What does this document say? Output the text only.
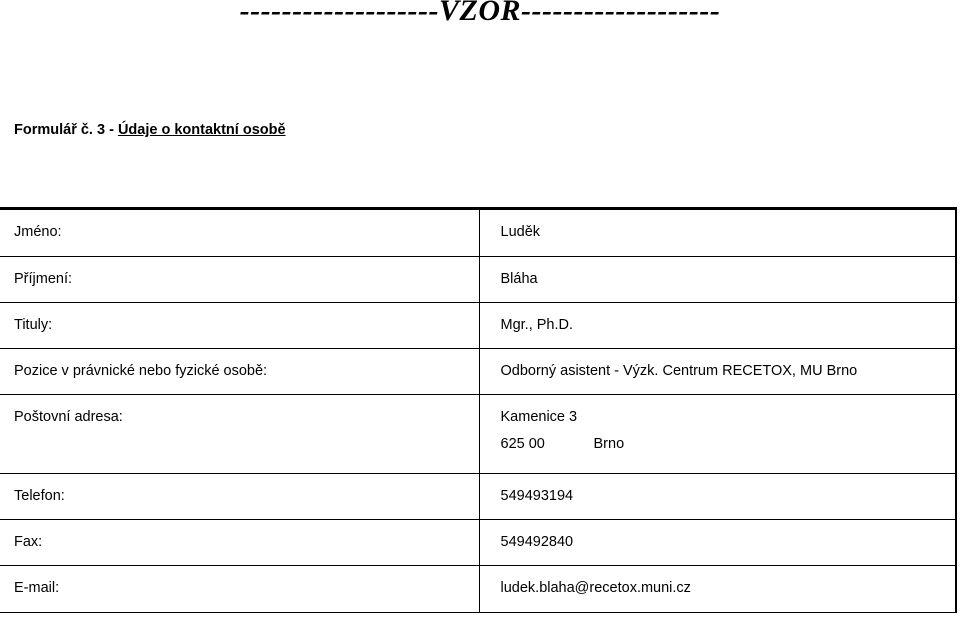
-------------------VZOR-------------------
Formulář č. 3 - Údaje o kontaktní osobě
Jméno:	Luděk
Příjmení:	Bláha
Tituly:	Mgr., Ph.D.
Pozice v právnické nebo fyzické osobě:	Odborný asistent - Výzk. Centrum RECETOX, MU Brno
Poštovní adresa:	Kamenice 3
625 00 Brno

Telefon:	549493194
Fax:	549492840
E-mail:	ludek.blaha@recetox.muni.cz
